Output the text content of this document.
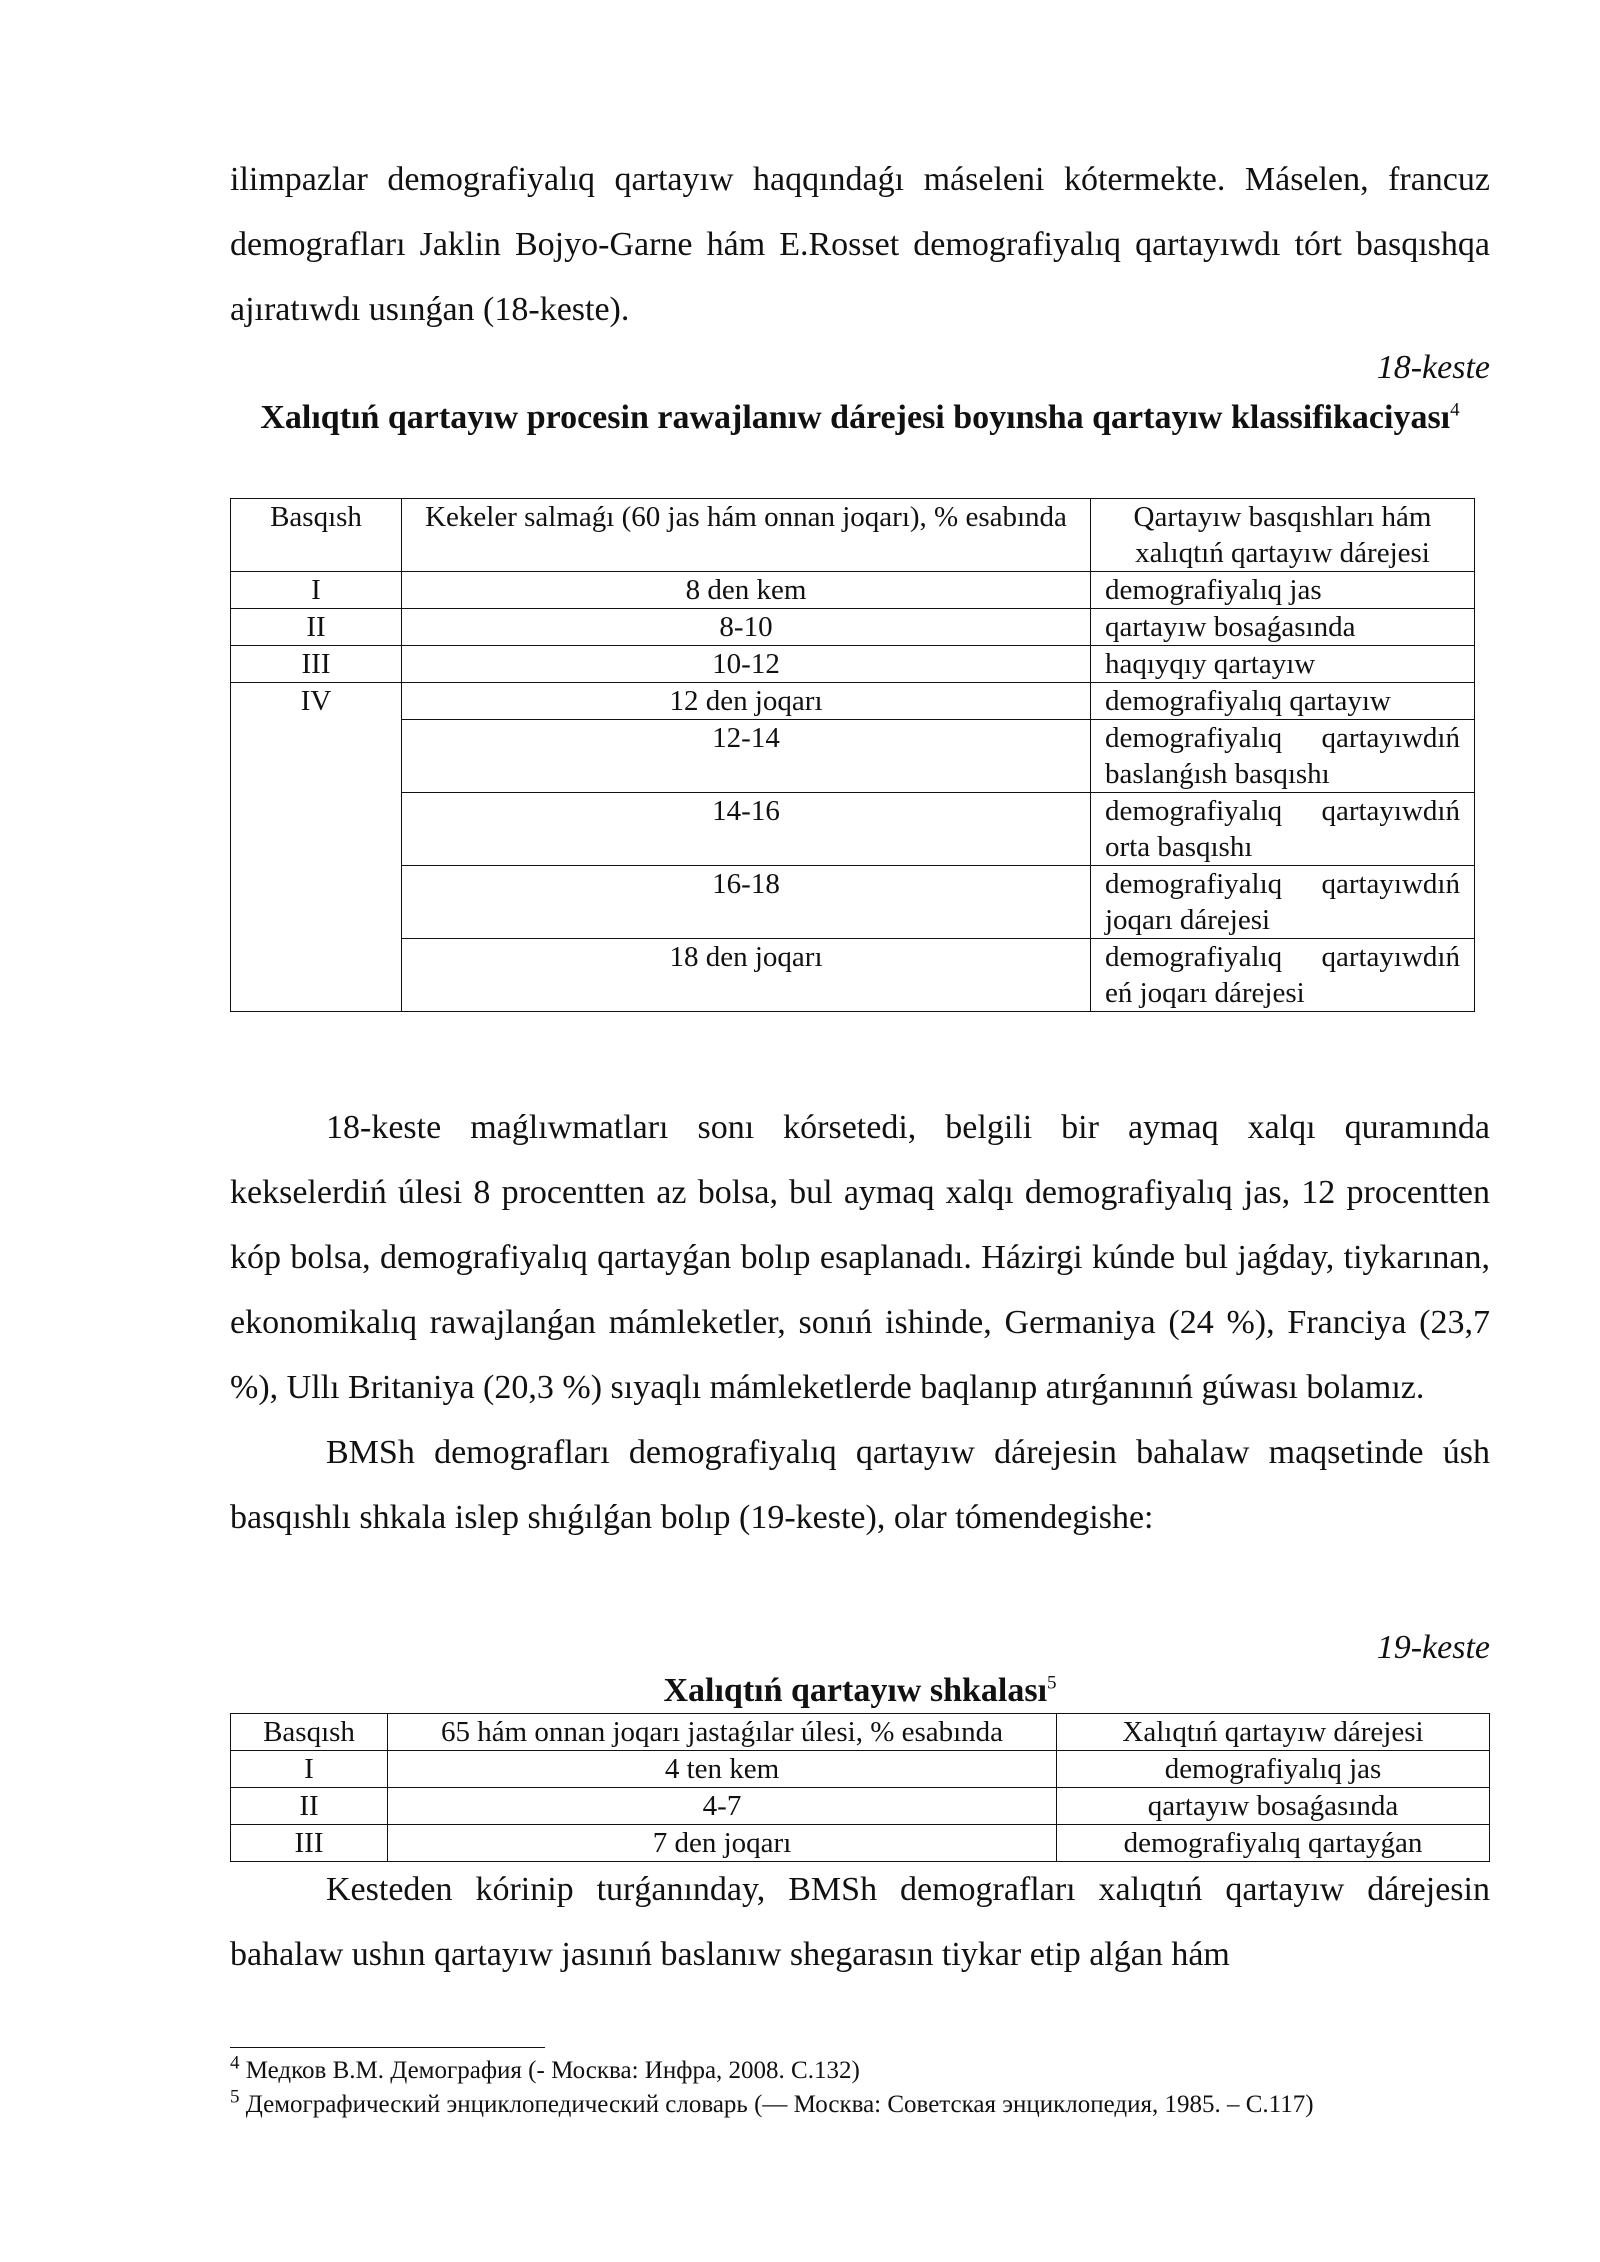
ilimpazlar demografiyalıq qartayıw haqqındaǵı máseleni kótermekte. Máselen, francuz demografları Jaklin Bojyo-Garne hám E.Rosset demografiyalıq qartayıwdı tórt basqıshqa ajıratıwdı usınǵan (18-keste).

18-keste
Xalıqtıń qartayıw procesin rawajlanıw dárejesi boyınsha qartayıw klassifikaciyası$^4$
Basqısh	Kekeler salmaǵı (60 jas hám onnan joqarı), % esabında	Qartayıw basqıshları hám xalıqtıń qartayıw dárejesi
I	8 den kem	demografiyalıq jas
II	8-10	qartayıw bosaǵasında
III	10-12	haqıyqıy qartayıw
IV	12 den joqarı	demografiyalıq qartayıw
	12-14	demografiyalıq qartayıwdıń baslanǵısh basqıshı
	14-16	demografiyalıq qartayıwdıń orta basqıshı
	16-18	demografiyalıq qartayıwdıń joqarı dárejesi
	18 den joqarı	demografiyalıq qartayıwdıń eń joqarı dárejesi

18-keste maǵlıwmatları sonı kórsetedi, belgili bir aymaq xalqı quramında kekselerdiń úlesi 8 procentten az bolsa, bul aymaq xalqı demografiyalıq jas, 12 procentten kóp bolsa, demografiyalıq qartayǵan bolıp esaplanadı. Házirgi kúnde bul jaǵday, tiykarınan, ekonomikalıq rawajlanǵan mámleketler, sonıń ishinde, Germaniya (24 %), Franciya (23,7 %), Ullı Britaniya (20,3 %) sıyaqlı mámleketlerde baqlanıp atırǵanınıń gúwası bolamız.

BMSh demografları demografiyalıq qartayıw dárejesin bahalaw maqsetinde úsh basqıshlı shkala islep shıǵılǵan bolıp (19-keste), olar tómendegishe:

19-keste
Xalıqtıń qartayıw shkalası$^5$
Basqısh	65 hám onnan joqarı jastaǵılar úlesi, % esabında	Xalıqtıń qartayıw dárejesi
I	4 ten kem	demografiyalıq jas
II	4-7	qartayıw bosaǵasında
III	7 den joqarı	demografiyalıq qartayǵan

Kesteden kórinip turǵanınday, BMSh demografları xalıqtıń qartayıw dárejesin bahalaw ushın qartayıw jasınıń baslanıw shegarasın tiykar etip alǵan hám

$^4$ Медков В.М. Демография (- Москва: Инфра, 2008. С.132)
$^5$ Демографический энциклопедический словарь (— Москва: Советская энциклопедия, 1985. – С.117)
